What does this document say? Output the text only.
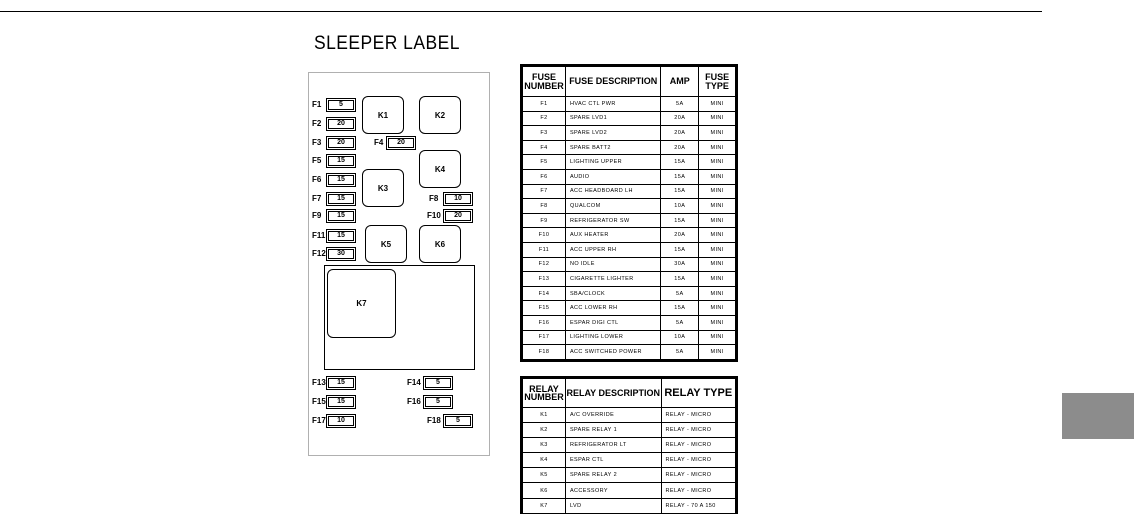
SLEEPER LABEL
F1	5
F2	20
F3	20	F4	20
F5	15
F6	15
F7	15	F8	10
F9	15	F10	20
F11	15
F12	30
F13	15	F14	5
F15	15	F16	5
F17	10	F18	5
K1	K2
K3
K4
K5	K6
K7
FUSE NUMBER	FUSE DESCRIPTION	AMP	FUSE TYPE
F1	HVAC CTL PWR	5A	MINI
F2	SPARE LVD1	20A	MINI
F3	SPARE LVD2	20A	MINI
F4	SPARE BATT2	20A	MINI
F5	LIGHTING UPPER	15A	MINI
F6	AUDIO	15A	MINI
F7	ACC HEADBOARD LH	15A	MINI
F8	QUALCOM	10A	MINI
F9	REFRIGERATOR SW	15A	MINI
F10	AUX HEATER	20A	MINI
F11	ACC UPPER RH	15A	MINI
F12	NO IDLE	30A	MINI
F13	CIGARETTE LIGHTER	15A	MINI
F14	SBA/CLOCK	5A	MINI
F15	ACC LOWER RH	15A	MINI
F16	ESPAR DIGI CTL	5A	MINI
F17	LIGHTING LOWER	10A	MINI
F18	ACC SWITCHED POWER	5A	MINI
RELAY NUMBER	RELAY DESCRIPTION	RELAY TYPE
K1	A/C OVERRIDE	RELAY - MICRO
K2	SPARE RELAY 1	RELAY - MICRO
K3	REFRIGERATOR LT	RELAY - MICRO
K4	ESPAR CTL	RELAY - MICRO
K5	SPARE RELAY 2	RELAY - MICRO
K6	ACCESSORY	RELAY - MICRO
K7	LVD	RELAY - 70 A 150
